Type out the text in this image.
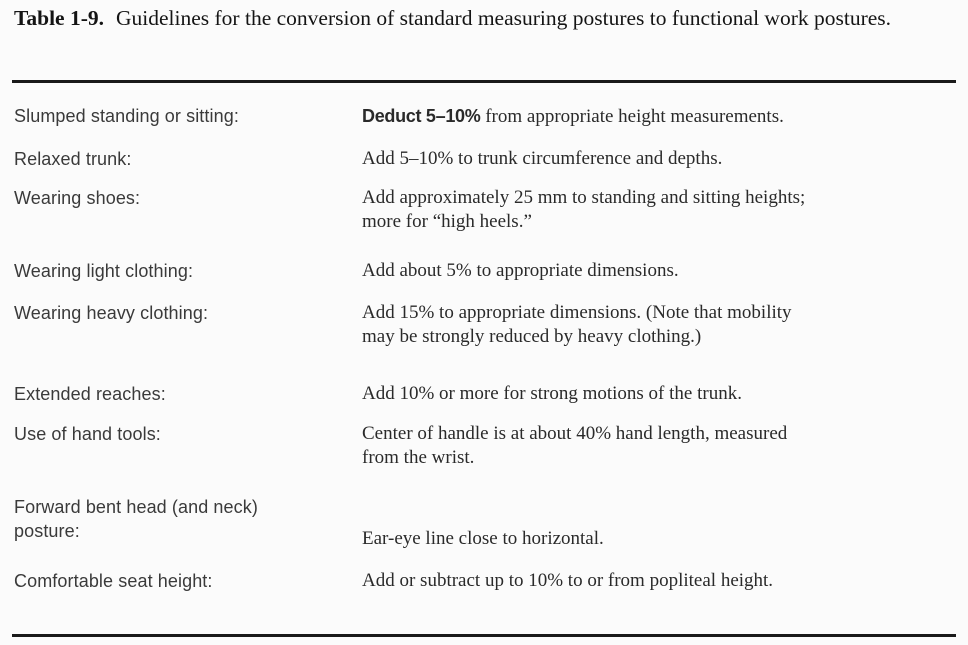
Table 1-9. Guidelines for the conversion of standard measuring postures to functional work postures.
Slumped standing or sitting:	Deduct 5–10% from appropriate height measurements.
Relaxed trunk:	Add 5–10% to trunk circumference and depths.
Wearing shoes:	Add approximately 25 mm to standing and sitting heights;
more for “high heels.”
Wearing light clothing:	Add about 5% to appropriate dimensions.
Wearing heavy clothing:	Add 15% to appropriate dimensions. (Note that mobility
may be strongly reduced by heavy clothing.)
Extended reaches:	Add 10% or more for strong motions of the trunk.
Use of hand tools:	Center of handle is at about 40% hand length, measured
from the wrist.
Forward bent head (and neck)
posture:	Ear-eye line close to horizontal.
Comfortable seat height:	Add or subtract up to 10% to or from popliteal height.
